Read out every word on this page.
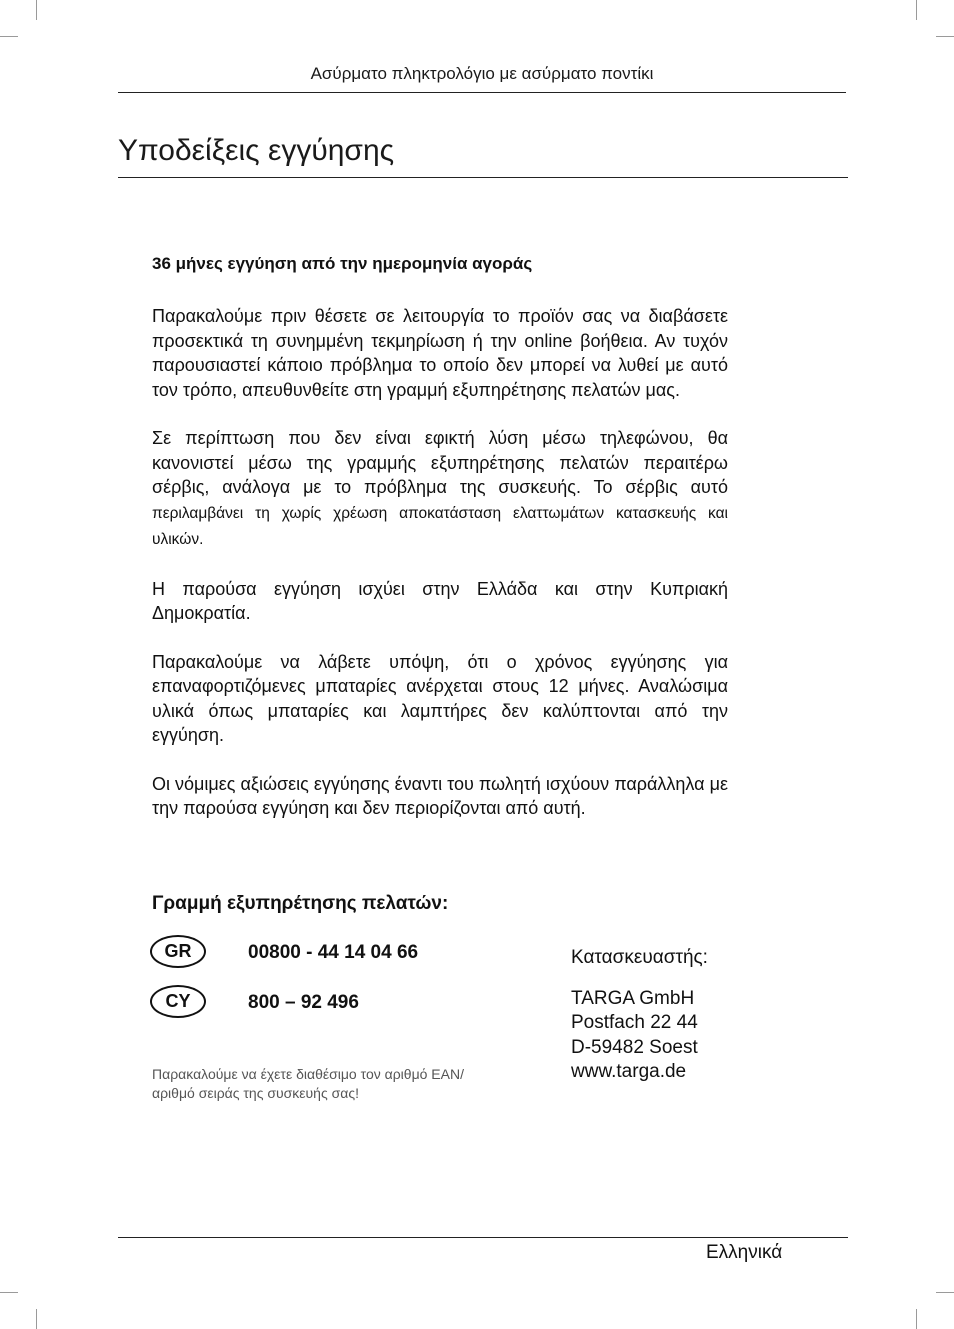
Ασύρματο πληκτρολόγιο με ασύρματο ποντίκι
Υποδείξεις εγγύησης

36 μήνες εγγύηση από την ημερομηνία αγοράς

Παρακαλούμε πριν θέσετε σε λειτουργία το προϊόν σας να διαβάσετε προσεκτικά τη συνημμένη τεκμηρίωση ή την online βοήθεια. Αν τυχόν παρουσιαστεί κάποιο πρόβλημα το οποίο δεν μπορεί να λυθεί με αυτό τον τρόπο, απευθυνθείτε στη γραμμή εξυπηρέτησης πελατών μας.

Σε περίπτωση που δεν είναι εφικτή λύση μέσω τηλεφώνου, θα κανονιστεί μέσω της γραμμής εξυπηρέτησης πελατών περαιτέρω σέρβις, ανάλογα με το πρόβλημα της συσκευής. Το σέρβις αυτό περιλαμβάνει τη χωρίς χρέωση αποκατάσταση ελαττωμάτων κατασκευής και υλικών.

Η παρούσα εγγύηση ισχύει στην Ελλάδα και στην Κυπριακή Δημοκρατία.

Παρακαλούμε να λάβετε υπόψη, ότι ο χρόνος εγγύησης για επαναφορτιζόμενες μπαταρίες ανέρχεται στους 12 μήνες. Αναλώσιμα υλικά όπως μπαταρίες και λαμπτήρες δεν καλύπτονται από την εγγύηση.

Οι νόμιμες αξιώσεις εγγύησης έναντι του πωλητή ισχύουν παράλληλα με την παρούσα εγγύηση και δεν περιορίζονται από αυτή.

Γραμμή εξυπηρέτησης πελατών:
GR	00800 - 44 14 04 66
CY	800 – 92 496
Παρακαλούμε να έχετε διαθέσιμο τον αριθμό EAN/ αριθμό σειράς της συσκευής σας!
Κατασκευαστής:
TARGA GmbH
Postfach 22 44
D-59482 Soest
www.targa.de
Ελληνικά
